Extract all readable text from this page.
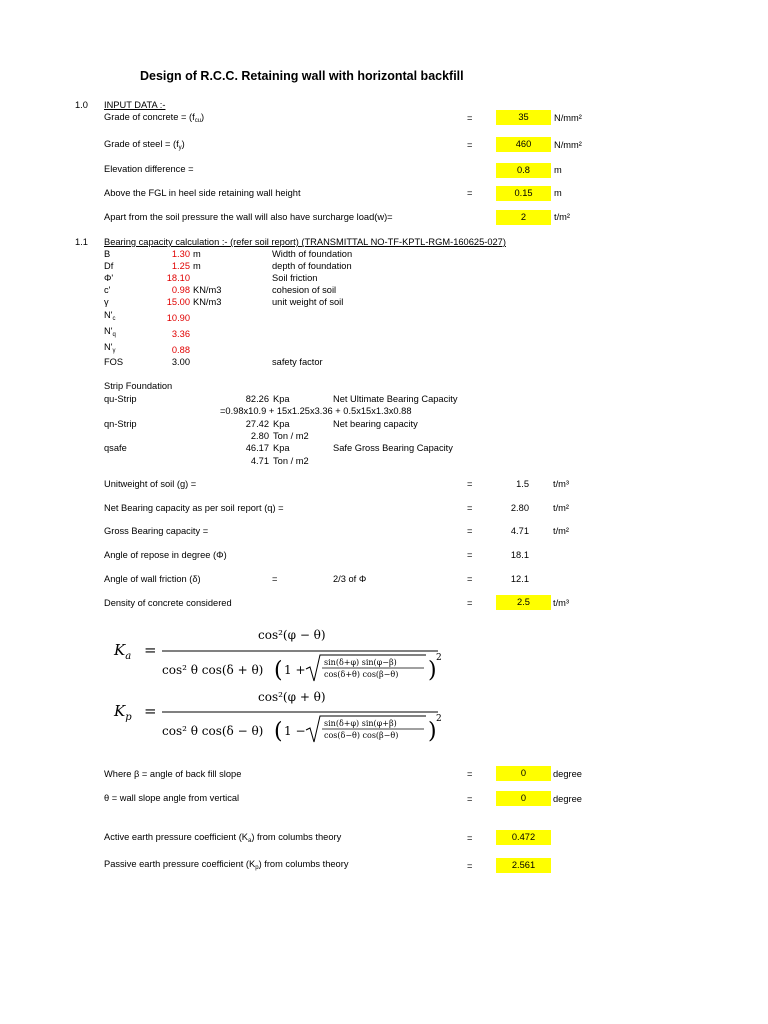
Design of R.C.C. Retaining wall with horizontal backfill
1.0 INPUT DATA :-
Grade of concrete = $(f_{cu})$	=	35	N/mm²
Grade of steel = $(f_y)$	=	460	N/mm²
Elevation difference =	0.8	m
Above the FGL in heel side retaining wall height	=	0.15	m
Apart from the soil pressure the wall will also have surcharge load(w)=	2	t/m²
1.1 Bearing capacity calculation :- (refer soil report) (TRANSMITTAL NO-TF-KPTL-RGM-160625-027)
B	1.30 m	Width of foundation
Df	1.25 m	depth of foundation
Φ'	18.10	Soil friction
c'	0.98 KN/m3	cohesion of soil
γ	15.00 KN/m3	unit weight of soil
$N'_c$	10.90
$N'_q$	3.36
$N'_\gamma$	0.88
FOS	3.00	safety factor
Strip Foundation
qu-Strip	82.26 Kpa	Net Ultimate Bearing Capacity
=0.98x10.9 + 15x1.25x3.36 + 0.5x15x1.3x0.88
qn-Strip	27.42 Kpa	Net bearing capacity
2.80 Ton / m2
qsafe	46.17 Kpa	Safe Gross Bearing Capacity
4.71 Ton / m2
Unitweight of soil (g) =	=	1.5	t/m³
Net Bearing capacity as per soil report (q) =	=	2.80	t/m²
Gross Bearing capacity =	=	4.71	t/m²
Angle of repose in degree (Φ)	=	18.1
Angle of wall friction (δ)	=	2/3 of Φ	=	12.1
Density of concrete considered	=	2.5	t/m³
$K_a$ =
cos²(φ − θ)
cos² θ cos(δ + θ) ( 1 +
sin(δ+φ) sin(φ−β)
cos(δ+θ) cos(β−θ) ) 2
$K_p$ =
cos²(φ + θ)
cos² θ cos(δ − θ) ( 1 −
sin(δ+φ) sin(φ+β)
cos(δ−θ) cos(β−θ) ) 2
Where β = angle of back fill slope	=	0	degree
θ = wall slope angle from vertical	=	0	degree
Active earth pressure coefficient $(K_a)$ from columbs theory	=	0.472
Passive earth pressure coefficient $(K_p)$ from columbs theory	=	2.561
